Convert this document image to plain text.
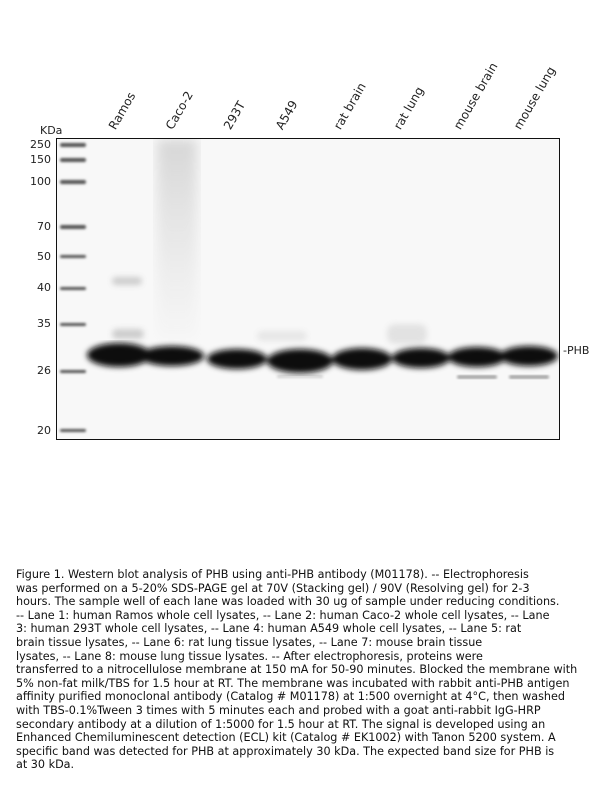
KDa	Ramos Caco-2 293T A549	rat brain rat lung mouse brain mouse lung
250
150
100
70
50
40
35
26
20
-PHB
Figure 1. Western blot analysis of PHB using anti-PHB antibody (M01178). -- Electrophoresis
was performed on a 5-20% SDS-PAGE gel at 70V (Stacking gel) / 90V (Resolving gel) for 2-3
hours. The sample well of each lane was loaded with 30 ug of sample under reducing conditions.
-- Lane 1: human Ramos whole cell lysates, -- Lane 2: human Caco-2 whole cell lysates, -- Lane
3: human 293T whole cell lysates, -- Lane 4: human A549 whole cell lysates, -- Lane 5: rat
brain tissue lysates, -- Lane 6: rat lung tissue lysates, -- Lane 7: mouse brain tissue
lysates, -- Lane 8: mouse lung tissue lysates. -- After electrophoresis, proteins were
transferred to a nitrocellulose membrane at 150 mA for 50-90 minutes. Blocked the membrane with
5% non-fat milk/TBS for 1.5 hour at RT. The membrane was incubated with rabbit anti-PHB antigen
affinity purified monoclonal antibody (Catalog # M01178) at 1:500 overnight at 4°C, then washed
with TBS-0.1%Tween 3 times with 5 minutes each and probed with a goat anti-rabbit IgG-HRP
secondary antibody at a dilution of 1:5000 for 1.5 hour at RT. The signal is developed using an
Enhanced Chemiluminescent detection (ECL) kit (Catalog # EK1002) with Tanon 5200 system. A
specific band was detected for PHB at approximately 30 kDa. The expected band size for PHB is
at 30 kDa.
